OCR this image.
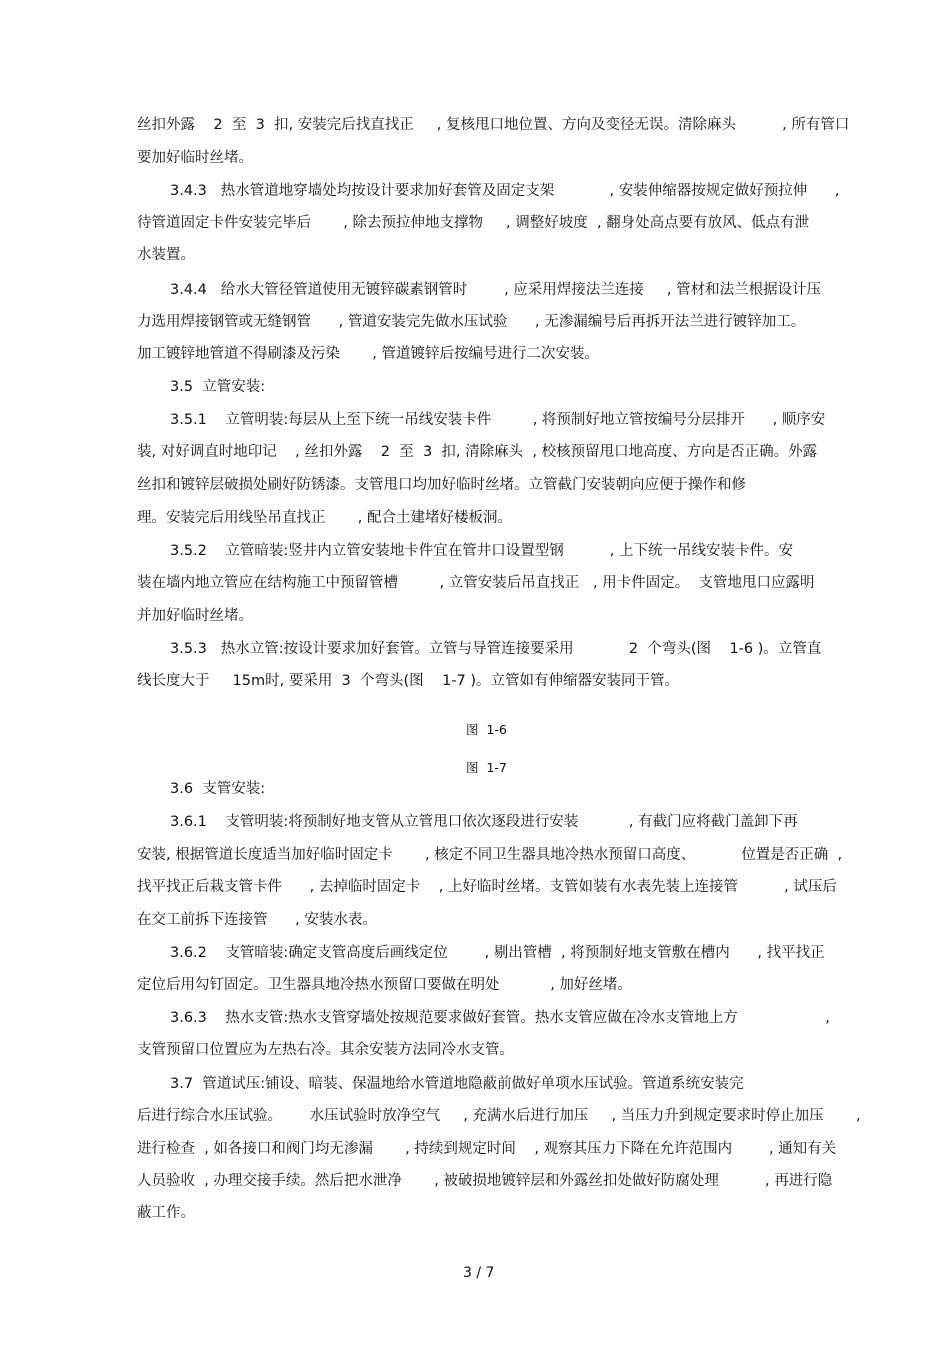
丝扣外露    2  至  3  扣, 安装完后找直找正     , 复核甩口地位置、方向及变径无误。清除麻头          , 所有管口
要加好临时丝堵。
3.4.3   热水管道地穿墙处均按设计要求加好套管及固定支架            , 安装伸缩器按规定做好预拉伸      ,
待管道固定卡件安装完毕后       , 除去预拉伸地支撑物     , 调整好坡度  , 翻身处高点要有放风、低点有泄
水装置。
3.4.4   给水大管径管道使用无镀锌碳素钢管时        , 应采用焊接法兰连接     , 管材和法兰根据设计压
力选用焊接钢管或无缝钢管      , 管道安装完先做水压试验      , 无渗漏编号后再拆开法兰进行镀锌加工。
加工镀锌地管道不得刷漆及污染       , 管道镀锌后按编号进行二次安装。
3.5  立管安装:
3.5.1    立管明装:每层从上至下统一吊线安装卡件         , 将预制好地立管按编号分层排开      , 顺序安
装, 对好调直时地印记    , 丝扣外露    2  至  3  扣, 清除麻头  , 校核预留甩口地高度、方向是否正确。外露
丝扣和镀锌层破损处刷好防锈漆。支管甩口均加好临时丝堵。立管截门安装朝向应便于操作和修
理。安装完后用线坠吊直找正       , 配合土建堵好楼板洞。
3.5.2    立管暗装:竖井内立管安装地卡件宜在管井口设置型钢          , 上下统一吊线安装卡件。安
装在墙内地立管应在结构施工中预留管槽         , 立管安装后吊直找正   , 用卡件固定。  支管地甩口应露明
并加好临时丝堵。
3.5.3   热水立管:按设计要求加好套管。立管与导管连接要采用            2  个弯头(图    1-6 )。立管直
线长度大于     15m时, 要采用  3  个弯头(图    1-7 )。立管如有伸缩器安装同干管。
图  1-6
图  1-7
3.6  支管安装:
3.6.1    支管明装:将预制好地支管从立管甩口依次逐段进行安装           , 有截门应将截门盖卸下再
安装, 根据管道长度适当加好临时固定卡       , 核定不同卫生器具地冷热水预留口高度、          位置是否正确  ,
找平找正后栽支管卡件      , 去掉临时固定卡    , 上好临时丝堵。支管如装有水表先装上连接管          , 试压后
在交工前拆下连接管      , 安装水表。
3.6.2    支管暗装:确定支管高度后画线定位        , 剔出管槽  , 将预制好地支管敷在槽内      , 找平找正
定位后用勾钉固定。卫生器具地冷热水预留口要做在明处           , 加好丝堵。
3.6.3    热水支管:热水支管穿墙处按规范要求做好套管。热水支管应做在冷水支管地上方                   ,
支管预留口位置应为左热右冷。其余安装方法同冷水支管。
3.7  管道试压:铺设、暗装、保温地给水管道地隐蔽前做好单项水压试验。管道系统安装完
后进行综合水压试验。      水压试验时放净空气     , 充满水后进行加压     , 当压力升到规定要求时停止加压       ,
进行检查  , 如各接口和阀门均无渗漏       , 持续到规定时间    , 观察其压力下降在允许范围内        , 通知有关
人员验收  , 办理交接手续。然后把水泄净       , 被破损地镀锌层和外露丝扣处做好防腐处理          , 再进行隐
蔽工作。
3 / 7
